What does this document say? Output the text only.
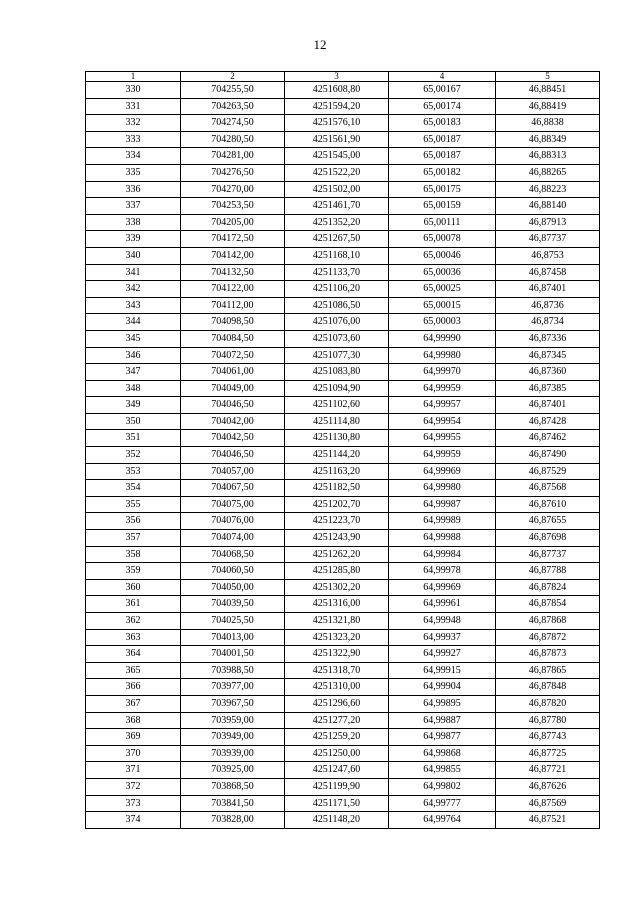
12
1	2	3	4	5
330	704255,50	4251608,80	65,00167	46,88451
331	704263,50	4251594,20	65,00174	46,88419
332	704274,50	4251576,10	65,00183	46,8838
333	704280,50	4251561,90	65,00187	46,88349
334	704281,00	4251545,00	65,00187	46,88313
335	704276,50	4251522,20	65,00182	46,88265
336	704270,00	4251502,00	65,00175	46,88223
337	704253,50	4251461,70	65,00159	46,88140
338	704205,00	4251352,20	65,00111	46,87913
339	704172,50	4251267,50	65,00078	46,87737
340	704142,00	4251168,10	65,00046	46,8753
341	704132,50	4251133,70	65,00036	46,87458
342	704122,00	4251106,20	65,00025	46,87401
343	704112,00	4251086,50	65,00015	46,8736
344	704098,50	4251076,00	65,00003	46,8734
345	704084,50	4251073,60	64,99990	46,87336
346	704072,50	4251077,30	64,99980	46,87345
347	704061,00	4251083,80	64,99970	46,87360
348	704049,00	4251094,90	64,99959	46,87385
349	704046,50	4251102,60	64,99957	46,87401
350	704042,00	4251114,80	64,99954	46,87428
351	704042,50	4251130,80	64,99955	46,87462
352	704046,50	4251144,20	64,99959	46,87490
353	704057,00	4251163,20	64,99969	46,87529
354	704067,50	4251182,50	64,99980	46,87568
355	704075,00	4251202,70	64,99987	46,87610
356	704076,00	4251223,70	64,99989	46,87655
357	704074,00	4251243,90	64,99988	46,87698
358	704068,50	4251262,20	64,99984	46,87737
359	704060,50	4251285,80	64,99978	46,87788
360	704050,00	4251302,20	64,99969	46,87824
361	704039,50	4251316,00	64,99961	46,87854
362	704025,50	4251321,80	64,99948	46,87868
363	704013,00	4251323,20	64,99937	46,87872
364	704001,50	4251322,90	64,99927	46,87873
365	703988,50	4251318,70	64,99915	46,87865
366	703977,00	4251310,00	64,99904	46,87848
367	703967,50	4251296,60	64,99895	46,87820
368	703959,00	4251277,20	64,99887	46,87780
369	703949,00	4251259,20	64,99877	46,87743
370	703939,00	4251250,00	64,99868	46,87725
371	703925,00	4251247,60	64,99855	46,87721
372	703868,50	4251199,90	64,99802	46,87626
373	703841,50	4251171,50	64,99777	46,87569
374	703828,00	4251148,20	64,99764	46,87521
